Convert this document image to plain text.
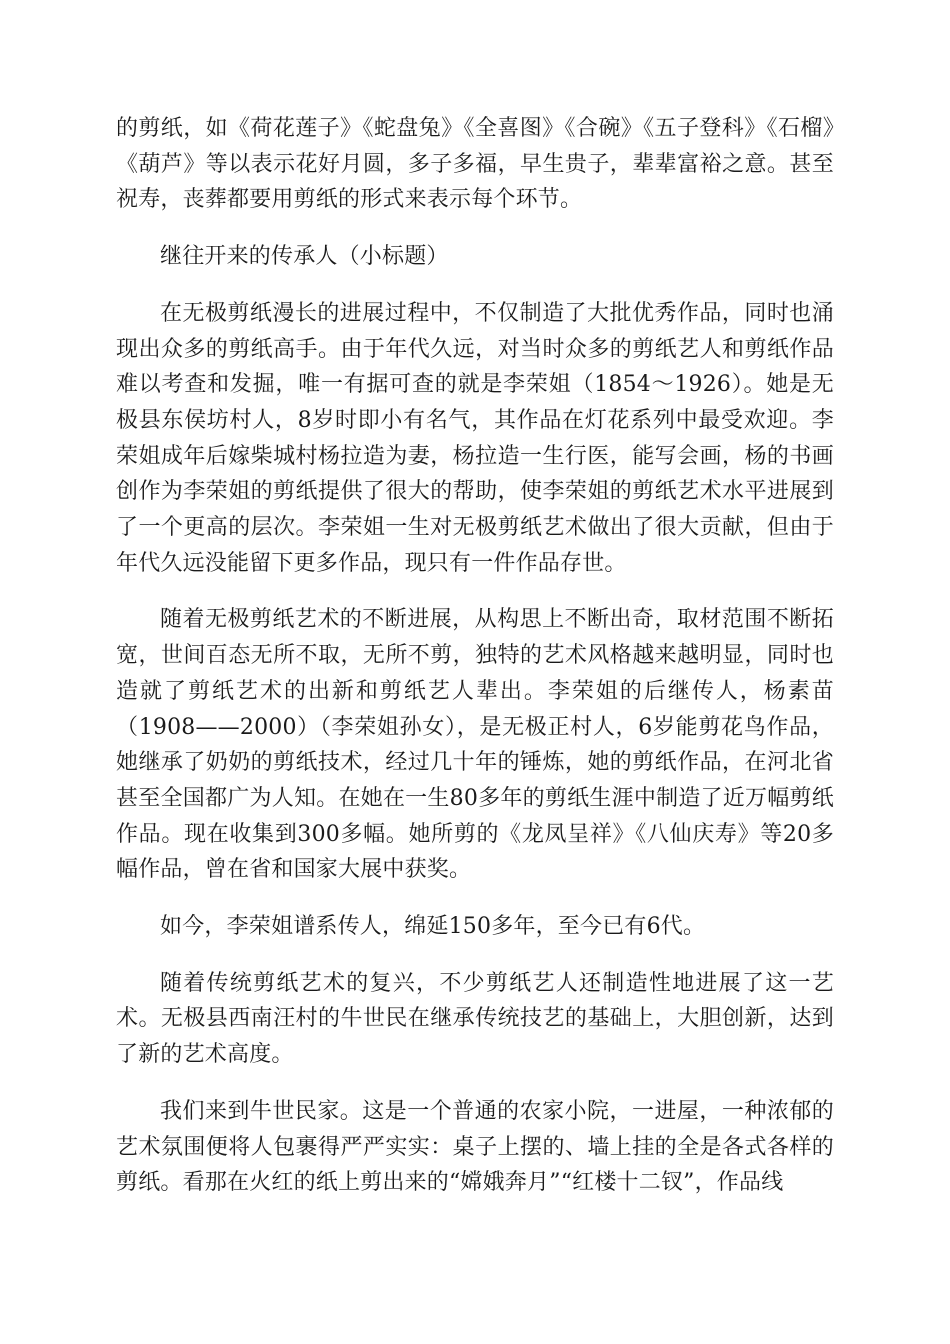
的剪纸，如《荷花莲子》《蛇盘兔》《全喜图》《合碗》《五子登科》《石榴》《葫芦》等以表示花好月圆，多子多福，早生贵子，辈辈富裕之意。甚至祝寿，丧葬都要用剪纸的形式来表示每个环节。

继往开来的传承人（小标题）

在无极剪纸漫长的进展过程中，不仅制造了大批优秀作品，同时也涌现出众多的剪纸高手。由于年代久远，对当时众多的剪纸艺人和剪纸作品难以考查和发掘，唯一有据可查的就是李荣姐（1854～1926）。她是无极县东侯坊村人，8岁时即小有名气，其作品在灯花系列中最受欢迎。李荣姐成年后嫁柴城村杨拉造为妻，杨拉造一生行医，能写会画，杨的书画创作为李荣姐的剪纸提供了很大的帮助，使李荣姐的剪纸艺术水平进展到了一个更高的层次。李荣姐一生对无极剪纸艺术做出了很大贡献，但由于年代久远没能留下更多作品，现只有一件作品存世。

随着无极剪纸艺术的不断进展，从构思上不断出奇，取材范围不断拓宽，世间百态无所不取，无所不剪，独特的艺术风格越来越明显，同时也造就了剪纸艺术的出新和剪纸艺人辈出。李荣姐的后继传人，杨素苗（1908——2000）（李荣姐孙女），是无极正村人，6岁能剪花鸟作品，她继承了奶奶的剪纸技术，经过几十年的锤炼，她的剪纸作品，在河北省甚至全国都广为人知。在她在一生80多年的剪纸生涯中制造了近万幅剪纸作品。现在收集到300多幅。她所剪的《龙凤呈祥》《八仙庆寿》等20多幅作品，曾在省和国家大展中获奖。

如今，李荣姐谱系传人，绵延150多年，至今已有6代。

随着传统剪纸艺术的复兴，不少剪纸艺人还制造性地进展了这一艺术。无极县西南汪村的牛世民在继承传统技艺的基础上，大胆创新，达到了新的艺术高度。

我们来到牛世民家。这是一个普通的农家小院，一进屋，一种浓郁的艺术氛围便将人包裹得严严实实：桌子上摆的、墙上挂的全是各式各样的剪纸。看那在火红的纸上剪出来的“嫦娥奔月”“红楼十二钗”，作品线
